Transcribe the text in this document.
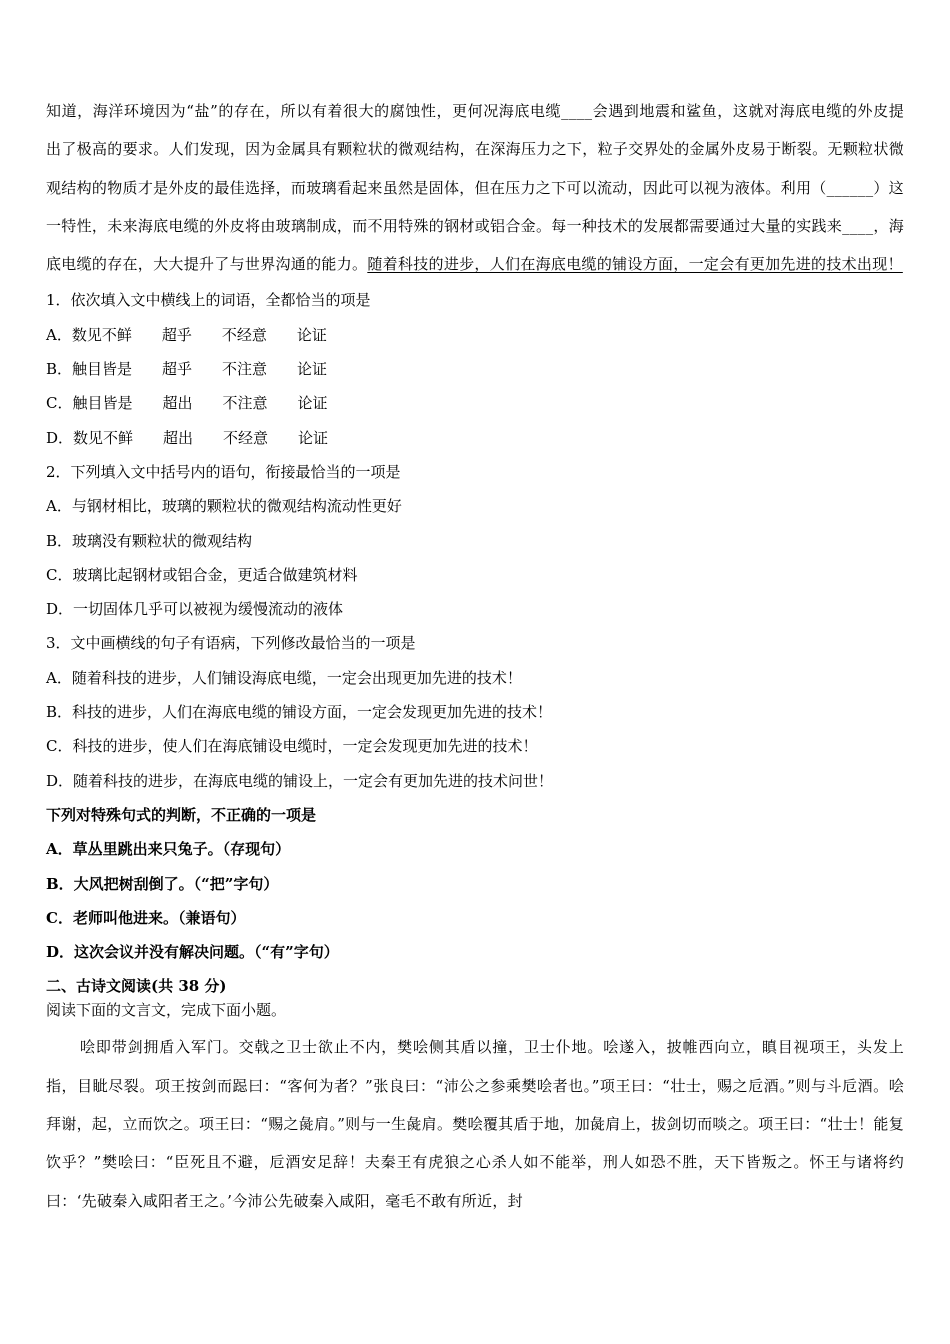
知道，海洋环境因为“盐”的存在，所以有着很大的腐蚀性，更何况海底电缆____会遇到地震和鲨鱼，这就对海底电缆的外皮提出了极高的要求。人们发现，因为金属具有颗粒状的微观结构，在深海压力之下，粒子交界处的金属外皮易于断裂。无颗粒状微观结构的物质才是外皮的最佳选择，而玻璃看起来虽然是固体，但在压力之下可以流动，因此可以视为液体。利用（______）这一特性，未来海底电缆的外皮将由玻璃制成，而不用特殊的钢材或铝合金。每一种技术的发展都需要通过大量的实践来____，海底电缆的存在，大大提升了与世界沟通的能力。随着科技的进步，人们在海底电缆的铺设方面，一定会有更加先进的技术出现！

1．依次填入文中横线上的词语，全都恰当的项是

A．数见不鲜　　超乎　　不经意　　论证

B．触目皆是　　超乎　　不注意　　论证

C．触目皆是　　超出　　不注意　　论证

D．数见不鲜　　超出　　不经意　　论证

2．下列填入文中括号内的语句，衔接最恰当的一项是

A．与钢材相比，玻璃的颗粒状的微观结构流动性更好

B．玻璃没有颗粒状的微观结构

C．玻璃比起钢材或铝合金，更适合做建筑材料

D．一切固体几乎可以被视为缓慢流动的液体

3．文中画横线的句子有语病，下列修改最恰当的一项是

A．随着科技的进步，人们铺设海底电缆，一定会出现更加先进的技术！

B．科技的进步，人们在海底电缆的铺设方面，一定会发现更加先进的技术！

C．科技的进步，使人们在海底铺设电缆时，一定会发现更加先进的技术！

D．随着科技的进步，在海底电缆的铺设上，一定会有更加先进的技术问世！

下列对特殊句式的判断，不正确的一项是

A．草丛里跳出来只兔子。（存现句）

B．大风把树刮倒了。（“把”字句）

C．老师叫他进来。（兼语句）

D．这次会议并没有解决问题。（“有”字句）

二、古诗文阅读(共 38 分)

阅读下面的文言文，完成下面小题。

哙即带剑拥盾入军门。交戟之卫士欲止不内，樊哙侧其盾以撞，卫士仆地。哙遂入，披帷西向立，瞋目视项王，头发上指，目眦尽裂。项王按剑而跽曰：“客何为者？”张良曰：“沛公之参乘樊哙者也。”项王曰：“壮士，赐之卮酒。”则与斗卮酒。哙拜谢，起，立而饮之。项王曰：“赐之彘肩。”则与一生彘肩。樊哙覆其盾于地，加彘肩上，拔剑切而啖之。项王曰：“壮士！能复饮乎？”樊哙曰：“臣死且不避，卮酒安足辞！夫秦王有虎狼之心杀人如不能举，刑人如恐不胜，天下皆叛之。怀王与诸将约曰：‘先破秦入咸阳者王之。’今沛公先破秦入咸阳，毫毛不敢有所近，封
